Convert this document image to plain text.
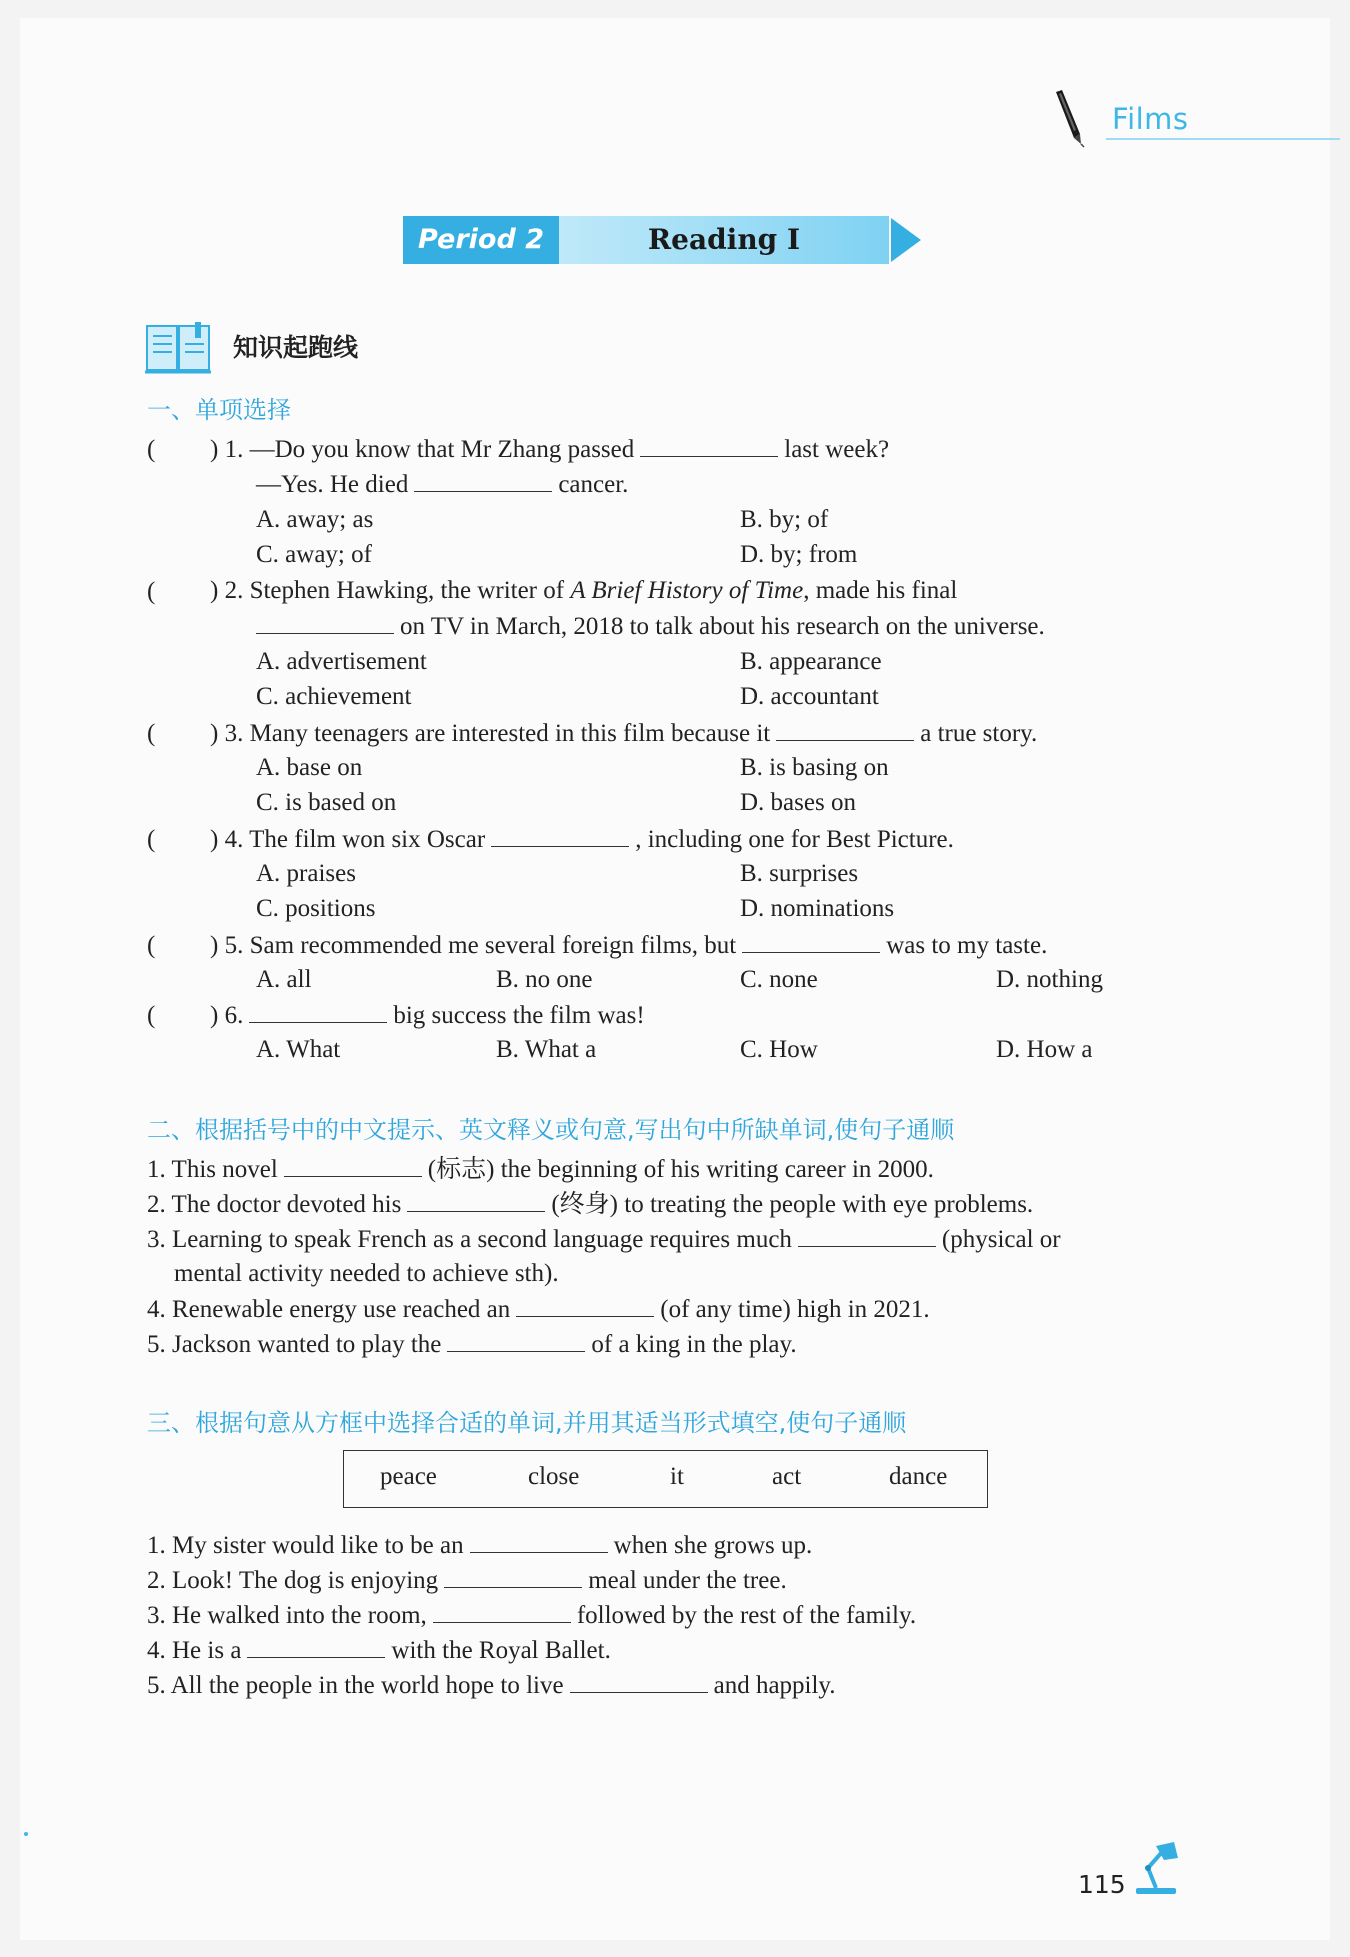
Films
Period 2	Reading Ⅰ
知识起跑线
一、单项选择
( ) 1. —Do you know that Mr Zhang passed	last week?
—Yes. He died	cancer.
A. away; as	B. by; of
C. away; of	D. by; from
( ) 2. Stephen Hawking, the writer of A Brief History of Time, made his final
on TV in March, 2018 to talk about his research on the universe.
A. advertisement	B. appearance
C. achievement	D. accountant
( ) 3. Many teenagers are interested in this film because it	a true story.
A. base on	B. is basing on
C. is based on	D. bases on
( ) 4. The film won six Oscar	, including one for Best Picture.
A. praises	B. surprises
C. positions	D. nominations
( ) 5. Sam recommended me several foreign films, but	was to my taste.
A. all	B. no one	C. none	D. nothing
( ) 6.	big success the film was!
A. What	B. What a	C. How	D. How a
二、根据括号中的中文提示、英文释义或句意,写出句中所缺单词,使句子通顺
1. This novel	(标志) the beginning of his writing career in 2000.
2. The doctor devoted his	(终身) to treating the people with eye problems.
3. Learning to speak French as a second language requires much	(physical or
mental activity needed to achieve sth).
4. Renewable energy use reached an	(of any time) high in 2021.
5. Jackson wanted to play the	of a king in the play.
三、根据句意从方框中选择合适的单词,并用其适当形式填空,使句子通顺
peace	close	it	act	dance
1. My sister would like to be an	when she grows up.
2. Look! The dog is enjoying	meal under the tree.
3. He walked into the room,	followed by the rest of the family.
4. He is a	with the Royal Ballet.
5. All the people in the world hope to live	and happily.
115
